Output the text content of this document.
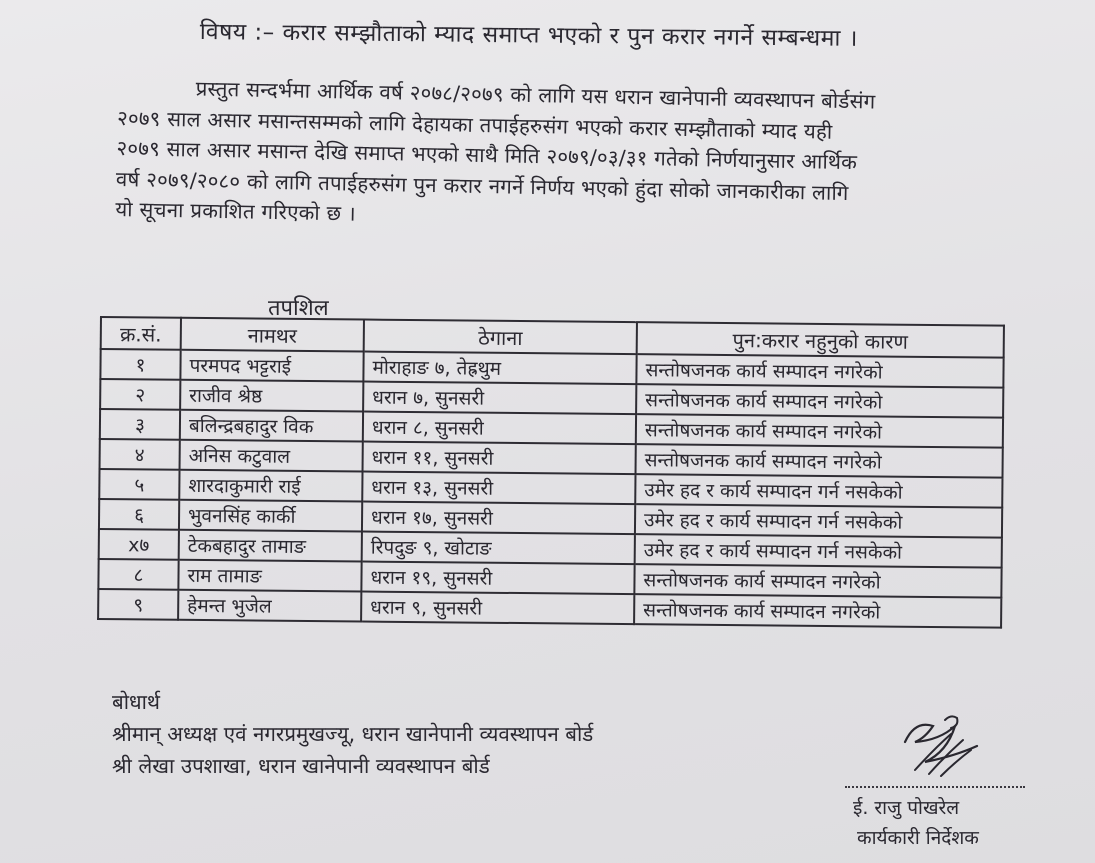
विषय :– करार सम्झौताको म्याद समाप्त भएको र पुन करार नगर्ने सम्बन्धमा ।
प्रस्तुत सन्दर्भमा आर्थिक वर्ष २०७८/२०७९ को लागि यस धरान खानेपानी व्यवस्थापन बोर्डसंग
२०७९ साल असार मसान्तसम्मको लागि देहायका तपाईहरुसंग भएको करार सम्झौताको म्याद यही
२०७९ साल असार मसान्त देखि समाप्त भएको साथै मिति २०७९/०३/३१ गतेको निर्णयानुसार आर्थिक
वर्ष २०७९/२०८० को लागि तपाईहरुसंग पुन करार नगर्ने निर्णय भएको हुंदा सोको जानकारीका लागि
यो सूचना प्रकाशित गरिएको छ ।
तपशिल
क्र.सं.	नामथर	ठेगाना	पुन:करार नहुनुको कारण
१	परमपद भट्टराई	मोराहाङ ७, तेह्रथुम	सन्तोषजनक कार्य सम्पादन नगरेको
२	राजीव श्रेष्ठ	धरान ७, सुनसरी	सन्तोषजनक कार्य सम्पादन नगरेको
३	बलिन्द्रबहादुर विक	धरान ८, सुनसरी	सन्तोषजनक कार्य सम्पादन नगरेको
४	अनिस कटुवाल	धरान ११, सुनसरी	सन्तोषजनक कार्य सम्पादन नगरेको
५	शारदाकुमारी राई	धरान १३, सुनसरी	उमेर हद र कार्य सम्पादन गर्न नसकेको
६	भुवनसिंह कार्की	धरान १७, सुनसरी	उमेर हद र कार्य सम्पादन गर्न नसकेको
x७	टेकबहादुर तामाङ	रिपदुङ ९, खोटाङ	उमेर हद र कार्य सम्पादन गर्न नसकेको
८	राम तामाङ	धरान १९, सुनसरी	सन्तोषजनक कार्य सम्पादन नगरेको
९	हेमन्त भुजेल	धरान ९, सुनसरी	सन्तोषजनक कार्य सम्पादन नगरेको
बोधार्थ
श्रीमान् अध्यक्ष एवं नगरप्रमुखज्यू, धरान खानेपानी व्यवस्थापन बोर्ड
श्री लेखा उपशाखा, धरान खानेपानी व्यवस्थापन बोर्ड
ई. राजु पोखरेल
कार्यकारी निर्देशक
